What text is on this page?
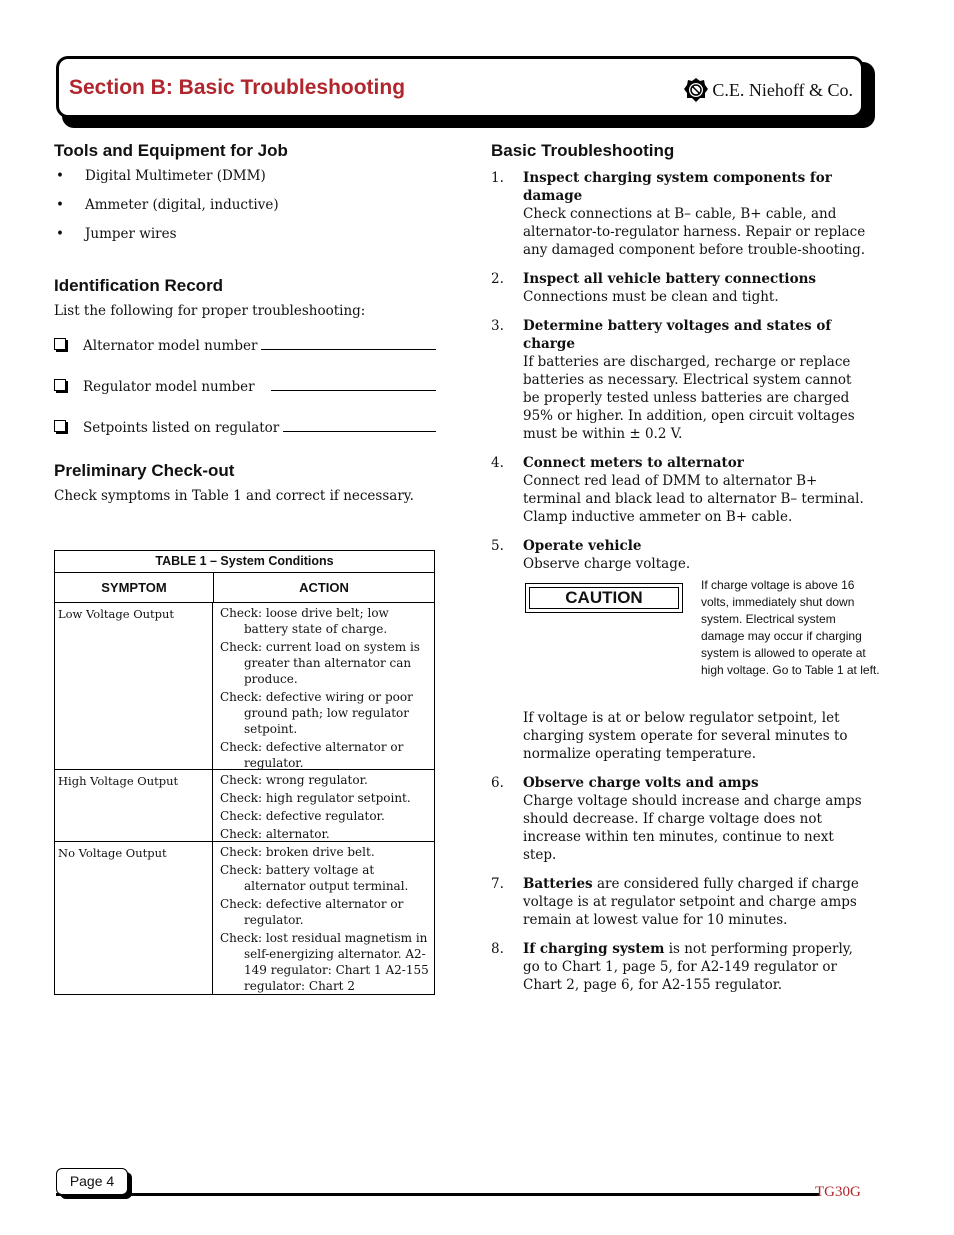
Section B: Basic Troubleshooting	C.E. Niehoff & Co.
Tools and Equipment for Job
• Digital Multimeter (DMM)
• Ammeter (digital, inductive)
• Jumper wires
Identification Record

List the following for proper troubleshooting:

Alternator model number
Regulator model number
Setpoints listed on regulator
Preliminary Check-out

Check symptoms in Table 1 and correct if necessary.

TABLE 1 – System Conditions
SYMPTOM	ACTION
Low Voltage Output	Check: loose drive belt; low battery state of charge.

Check: current load on system is greater than alternator can produce.

Check: defective wiring or poor ground path; low regulator setpoint.

Check: defective alternator or regulator.

High Voltage Output	Check: wrong regulator.

Check: high regulator setpoint.

Check: defective regulator.

Check: alternator.

No Voltage Output	Check: broken drive belt.

Check: battery voltage at alternator output terminal.

Check: defective alternator or regulator.

Check: lost residual magnetism in self-energizing alternator. A2-149 regulator: Chart 1 A2-155 regulator: Chart 2

Basic Troubleshooting
1. Inspect charging system components for damage
Check connections at B– cable, B+ cable, and alternator-to-regulator harness. Repair or replace any damaged component before trouble-shooting.
2. Inspect all vehicle battery connections
Connections must be clean and tight.
3. Determine battery voltages and states of charge
If batteries are discharged, recharge or replace batteries as necessary. Electrical system cannot be properly tested unless batteries are charged 95% or higher. In addition, open circuit voltages must be within ± 0.2 V.
4. Connect meters to alternator
Connect red lead of DMM to alternator B+ terminal and black lead to alternator B– terminal. Clamp inductive ammeter on B+ cable.
5. Operate vehicle
Observe charge voltage.
CAUTION
If charge voltage is above 16 volts, immediately shut down system. Electrical system damage may occur if charging system is allowed to operate at high voltage. Go to Table 1 at left.
If voltage is at or below regulator setpoint, let charging system operate for several minutes to normalize operating temperature.
6. Observe charge volts and amps
Charge voltage should increase and charge amps should decrease. If charge voltage does not increase within ten minutes, continue to next step.
7. Batteries are considered fully charged if charge voltage is at regulator setpoint and charge amps remain at lowest value for 10 minutes.
8. If charging system is not performing properly, go to Chart 1, page 5, for A2-149 regulator or Chart 2, page 6, for A2-155 regulator.
Page 4
TG30G
